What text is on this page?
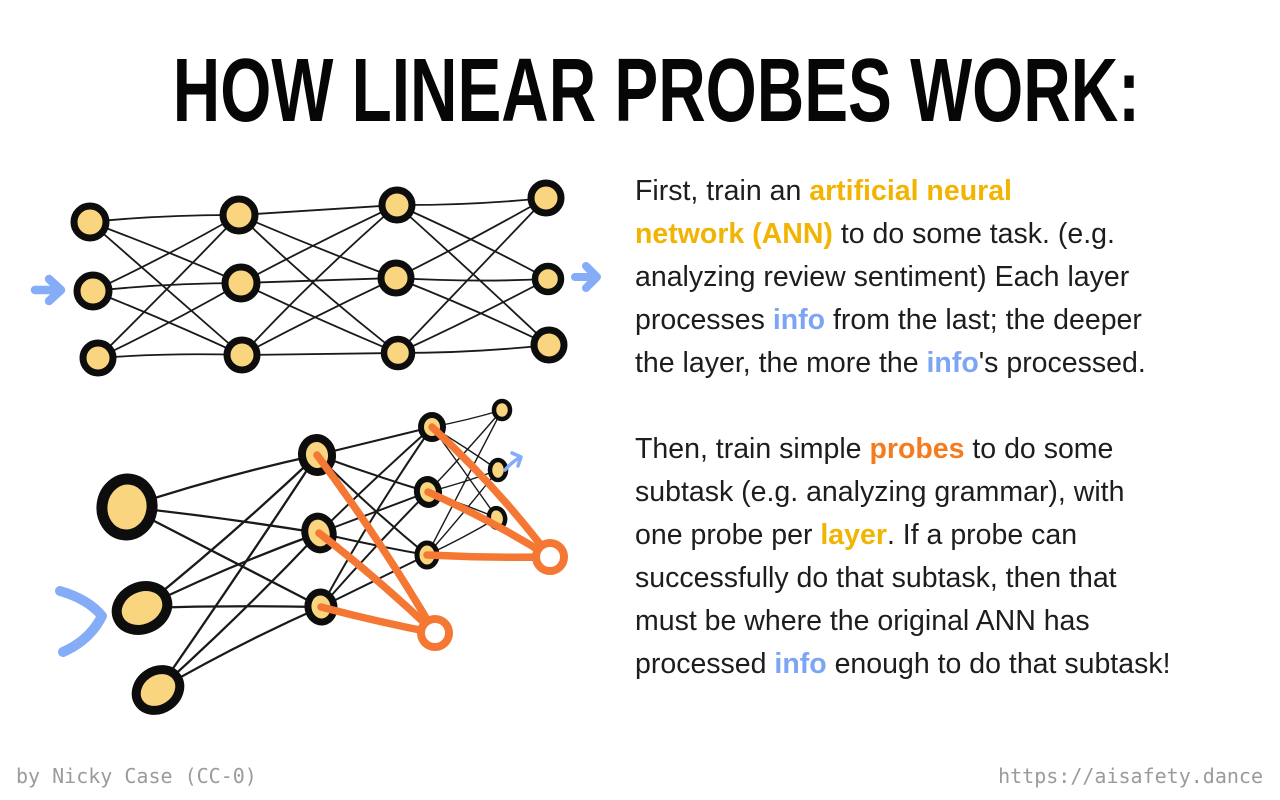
HOW LINEAR PROBES WORK:

First, train an artificial neural
network (ANN) to do some task. (e.g.
analyzing review sentiment) Each layer
processes info from the last; the deeper
the layer, the more the info's processed.

Then, train simple probes to do some
subtask (e.g. analyzing grammar), with
one probe per layer. If a probe can
successfully do that subtask, then that
must be where the original ANN has
processed info enough to do that subtask!

by Nicky Case (CC-0)	https://aisafety.dance
